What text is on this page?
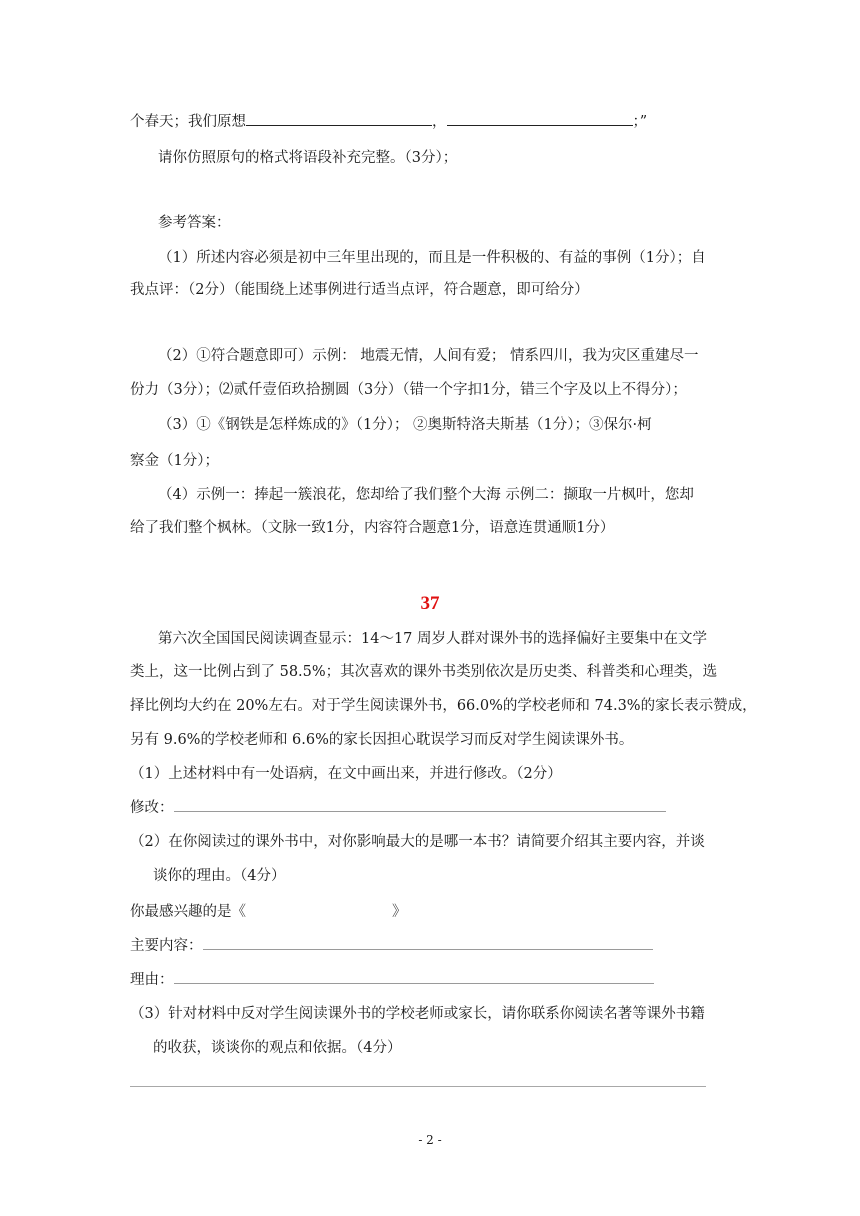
个春天；我们原想	，	；”
请你仿照原句的格式将语段补充完整。（3分）；
参考答案：
（1）所述内容必须是初中三年里出现的，而且是一件积极的、有益的事例（1分）；自
我点评：（2分）（能围绕上述事例进行适当点评，符合题意，即可给分）
（2）①符合题意即可）示例： 地震无情，人间有爱； 情系四川，我为灾区重建尽一
份力（3分）；⑵贰仟壹佰玖拾捌圆（3分）（错一个字扣1分，错三个字及以上不得分）；
（3）①《钢铁是怎样炼成的》（1分）； ②奥斯特洛夫斯基（1分）；③保尔·柯
察金（1分）；
（4）示例一：捧起一簇浪花，您却给了我们整个大海 示例二：撷取一片枫叶，您却
给了我们整个枫林。（文脉一致1分，内容符合题意1分，语意连贯通顺1分）
37
第六次全国国民阅读调查显示：14～17 周岁人群对课外书的选择偏好主要集中在文学
类上，这一比例占到了 58.5%；其次喜欢的课外书类别依次是历史类、科普类和心理类，选
择比例均大约在 20%左右。对于学生阅读课外书，66.0%的学校老师和 74.3%的家长表示赞成，
另有 9.6%的学校老师和 6.6%的家长因担心耽误学习而反对学生阅读课外书。
（1）上述材料中有一处语病，在文中画出来，并进行修改。（2分）
修改：
（2）在你阅读过的课外书中，对你影响最大的是哪一本书？请简要介绍其主要内容，并谈
谈你的理由。（4分）
你最感兴趣的是《	》
主要内容：
理由：
（3）针对材料中反对学生阅读课外书的学校老师或家长，请你联系你阅读名著等课外书籍
的收获，谈谈你的观点和依据。（4分）
- 2 -
